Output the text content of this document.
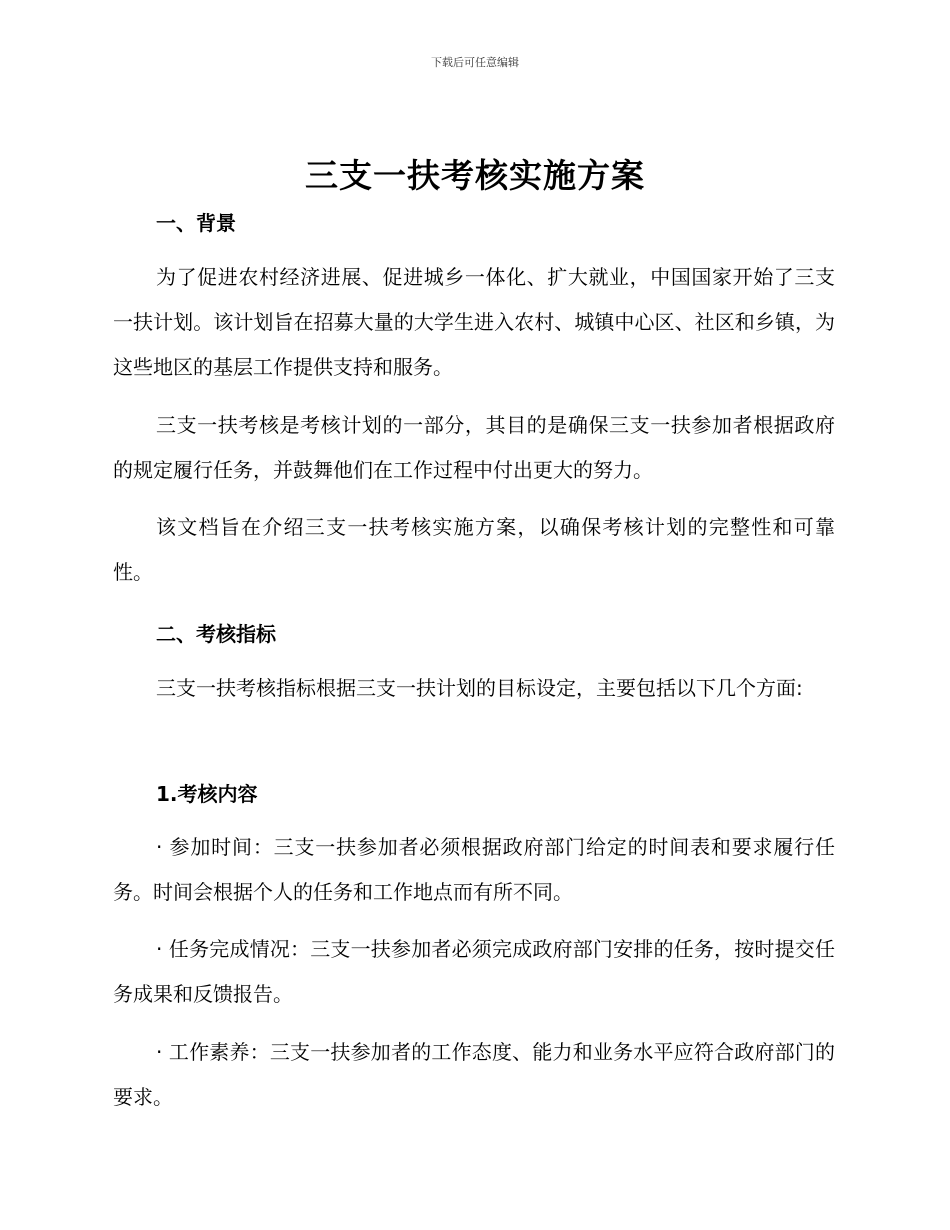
下载后可任意编辑
三支一扶考核实施方案
一、背景
为了促进农村经济进展、促进城乡一体化、扩大就业，中国国家开始了三支一扶计划。该计划旨在招募大量的大学生进入农村、城镇中心区、社区和乡镇，为这些地区的基层工作提供支持和服务。
三支一扶考核是考核计划的一部分，其目的是确保三支一扶参加者根据政府的规定履行任务，并鼓舞他们在工作过程中付出更大的努力。
该文档旨在介绍三支一扶考核实施方案，以确保考核计划的完整性和可靠性。
二、考核指标
三支一扶考核指标根据三支一扶计划的目标设定，主要包括以下几个方面:
1.考核内容
· 参加时间：三支一扶参加者必须根据政府部门给定的时间表和要求履行任务。时间会根据个人的任务和工作地点而有所不同。
· 任务完成情况：三支一扶参加者必须完成政府部门安排的任务，按时提交任务成果和反馈报告。
· 工作素养：三支一扶参加者的工作态度、能力和业务水平应符合政府部门的要求。
